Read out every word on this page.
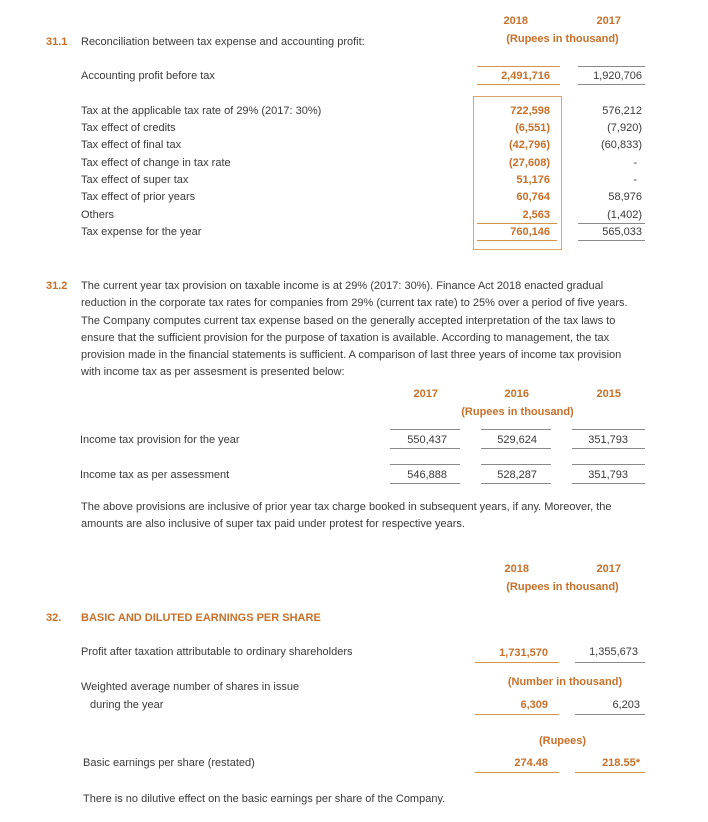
2018	2017
(Rupees in thousand)
31.1 Reconciliation between tax expense and accounting profit:
Accounting profit before tax	2,491,716	1,920,706
Tax at the applicable tax rate of 29% (2017: 30%)	722,598	576,212
Tax effect of credits	(6,551)	(7,920)
Tax effect of final tax	(42,796)	(60,833)
Tax effect of change in tax rate	(27,608)	-
Tax effect of super tax	51,176	-
Tax effect of prior years	60,764	58,976
Others	2,563	(1,402)
Tax expense for the year	760,146	565,033
31.2 The current year tax provision on taxable income is at 29% (2017: 30%). Finance Act 2018 enacted gradual
reduction in the corporate tax rates for companies from 29% (current tax rate) to 25% over a period of five years.
The Company computes current tax expense based on the generally accepted interpretation of the tax laws to
ensure that the sufficient provision for the purpose of taxation is available. According to management, the tax
provision made in the financial statements is sufficient. A comparison of last three years of income tax provision
with income tax as per assesment is presented below:
2017	2016	2015
(Rupees in thousand)
Income tax provision for the year	550,437	529,624	351,793
Income tax as per assessment	546,888	528,287	351,793
The above provisions are inclusive of prior year tax charge booked in subsequent years, if any. Moreover, the
amounts are also inclusive of super tax paid under protest for respective years.
2018	2017
(Rupees in thousand)
32. BASIC AND DILUTED EARNINGS PER SHARE
Profit after taxation attributable to ordinary shareholders	1,731,570	1,355,673
(Number in thousand)
Weighted average number of shares in issue
during the year	6,309	6,203
(Rupees)
Basic earnings per share (restated)	274.48	218.55*
There is no dilutive effect on the basic earnings per share of the Company.
